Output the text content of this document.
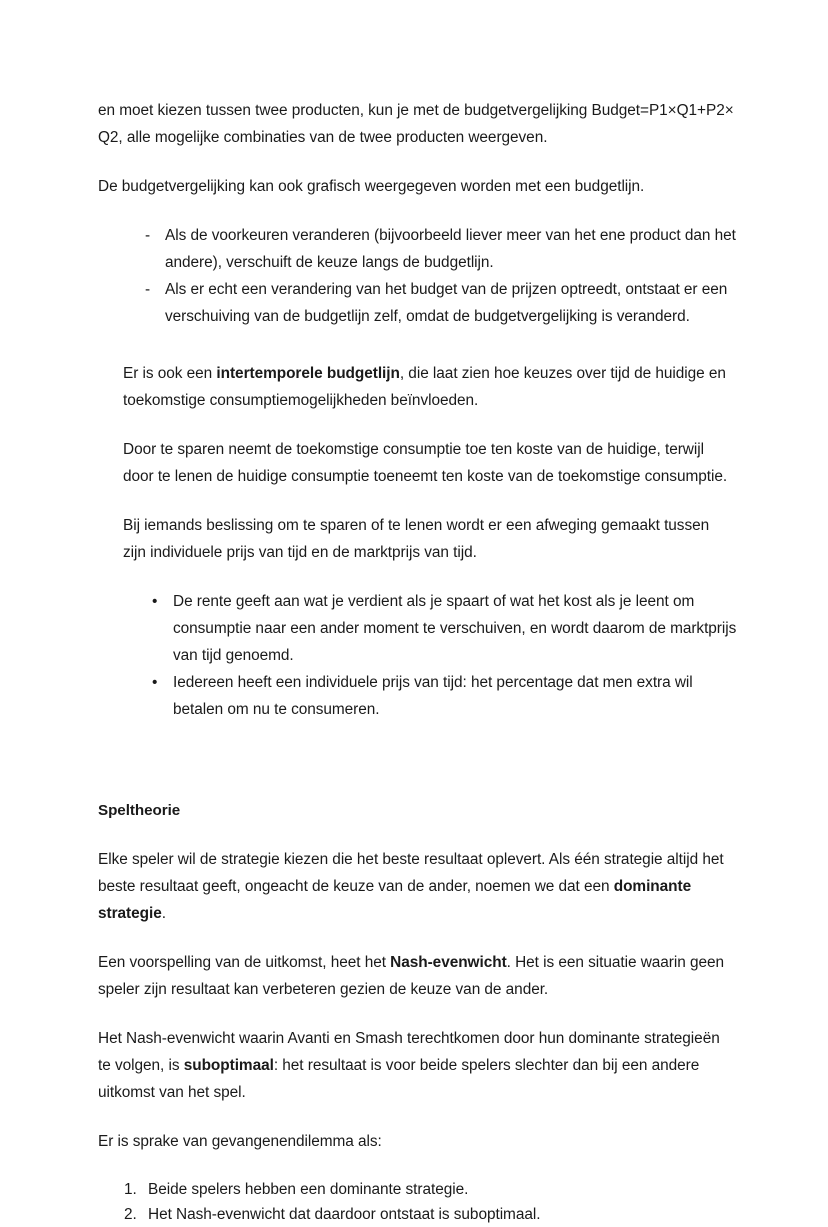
en moet kiezen tussen twee producten, kun je met de budgetvergelijking Budget=P1×Q1+P2× Q2, alle mogelijke combinaties van de twee producten weergeven.

De budgetvergelijking kan ook grafisch weergegeven worden met een budgetlijn.

- Als de voorkeuren veranderen (bijvoorbeeld liever meer van het ene product dan het andere), verschuift de keuze langs de budgetlijn.
- Als er echt een verandering van het budget van de prijzen optreedt, ontstaat er een verschuiving van de budgetlijn zelf, omdat de budgetvergelijking is veranderd.

Er is ook een intertemporele budgetlijn, die laat zien hoe keuzes over tijd de huidige en toekomstige consumptiemogelijkheden beïnvloeden.

Door te sparen neemt de toekomstige consumptie toe ten koste van de huidige, terwijl door te lenen de huidige consumptie toeneemt ten koste van de toekomstige consumptie.

Bij iemands beslissing om te sparen of te lenen wordt er een afweging gemaakt tussen zijn individuele prijs van tijd en de marktprijs van tijd.

• De rente geeft aan wat je verdient als je spaart of wat het kost als je leent om consumptie naar een ander moment te verschuiven, en wordt daarom de marktprijs van tijd genoemd.
• Iedereen heeft een individuele prijs van tijd: het percentage dat men extra wil betalen om nu te consumeren.
Speltheorie

Elke speler wil de strategie kiezen die het beste resultaat oplevert. Als één strategie altijd het beste resultaat geeft, ongeacht de keuze van de ander, noemen we dat een dominante strategie.

Een voorspelling van de uitkomst, heet het Nash-evenwicht. Het is een situatie waarin geen speler zijn resultaat kan verbeteren gezien de keuze van de ander.

Het Nash-evenwicht waarin Avanti en Smash terechtkomen door hun dominante strategieën te volgen, is suboptimaal: het resultaat is voor beide spelers slechter dan bij een andere uitkomst van het spel.

Er is sprake van gevangenendilemma als:

1. Beide spelers hebben een dominante strategie.
2. Het Nash-evenwicht dat daardoor ontstaat is suboptimaal.
